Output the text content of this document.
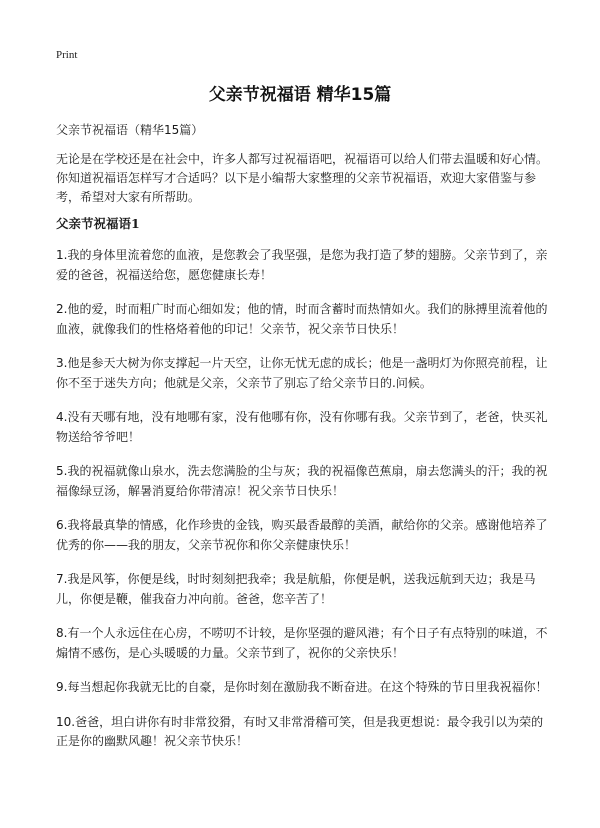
Print
父亲节祝福语 精华15篇

父亲节祝福语（精华15篇）

无论是在学校还是在社会中，许多人都写过祝福语吧，祝福语可以给人们带去温暖和好心情。你知道祝福语怎样写才合适吗？以下是小编帮大家整理的父亲节祝福语，欢迎大家借鉴与参考，希望对大家有所帮助。

父亲节祝福语1
1.我的身体里流着您的血液，是您教会了我坚强，是您为我打造了梦的翅膀。父亲节到了，亲爱的爸爸，祝福送给您，愿您健康长寿！
2.他的爱，时而粗广时而心细如发；他的情，时而含蓄时而热情如火。我们的脉搏里流着他的血液，就像我们的性格烙着他的印记！父亲节，祝父亲节日快乐！
3.他是参天大树为你支撑起一片天空，让你无忧无虑的成长；他是一盏明灯为你照亮前程，让你不至于迷失方向；他就是父亲，父亲节了别忘了给父亲节日的.问候。
4.没有天哪有地，没有地哪有家，没有他哪有你，没有你哪有我。父亲节到了，老爸，快买礼物送给爷爷吧！
5.我的祝福就像山泉水，洗去您满脸的尘与灰；我的祝福像芭蕉扇，扇去您满头的汗；我的祝福像绿豆汤，解暑消夏给你带清凉！祝父亲节日快乐！
6.我将最真挚的情感，化作珍贵的金钱，购买最香最醇的美酒，献给你的父亲。感谢他培养了优秀的你——我的朋友，父亲节祝你和你父亲健康快乐！
7.我是风筝，你便是线，时时刻刻把我牵；我是航船，你便是帆，送我远航到天边；我是马儿，你便是鞭，催我奋力冲向前。爸爸，您辛苦了！
8.有一个人永远住在心房，不唠叨不计较，是你坚强的避风港；有个日子有点特别的味道，不煽情不感伤，是心头暖暖的力量。父亲节到了，祝你的父亲快乐！
9.每当想起你我就无比的自豪，是你时刻在激励我不断奋进。在这个特殊的节日里我祝福你！
10.爸爸，坦白讲你有时非常狡猾，有时又非常滑稽可笑，但是我更想说：最令我引以为荣的正是你的幽默风趣！祝父亲节快乐！
